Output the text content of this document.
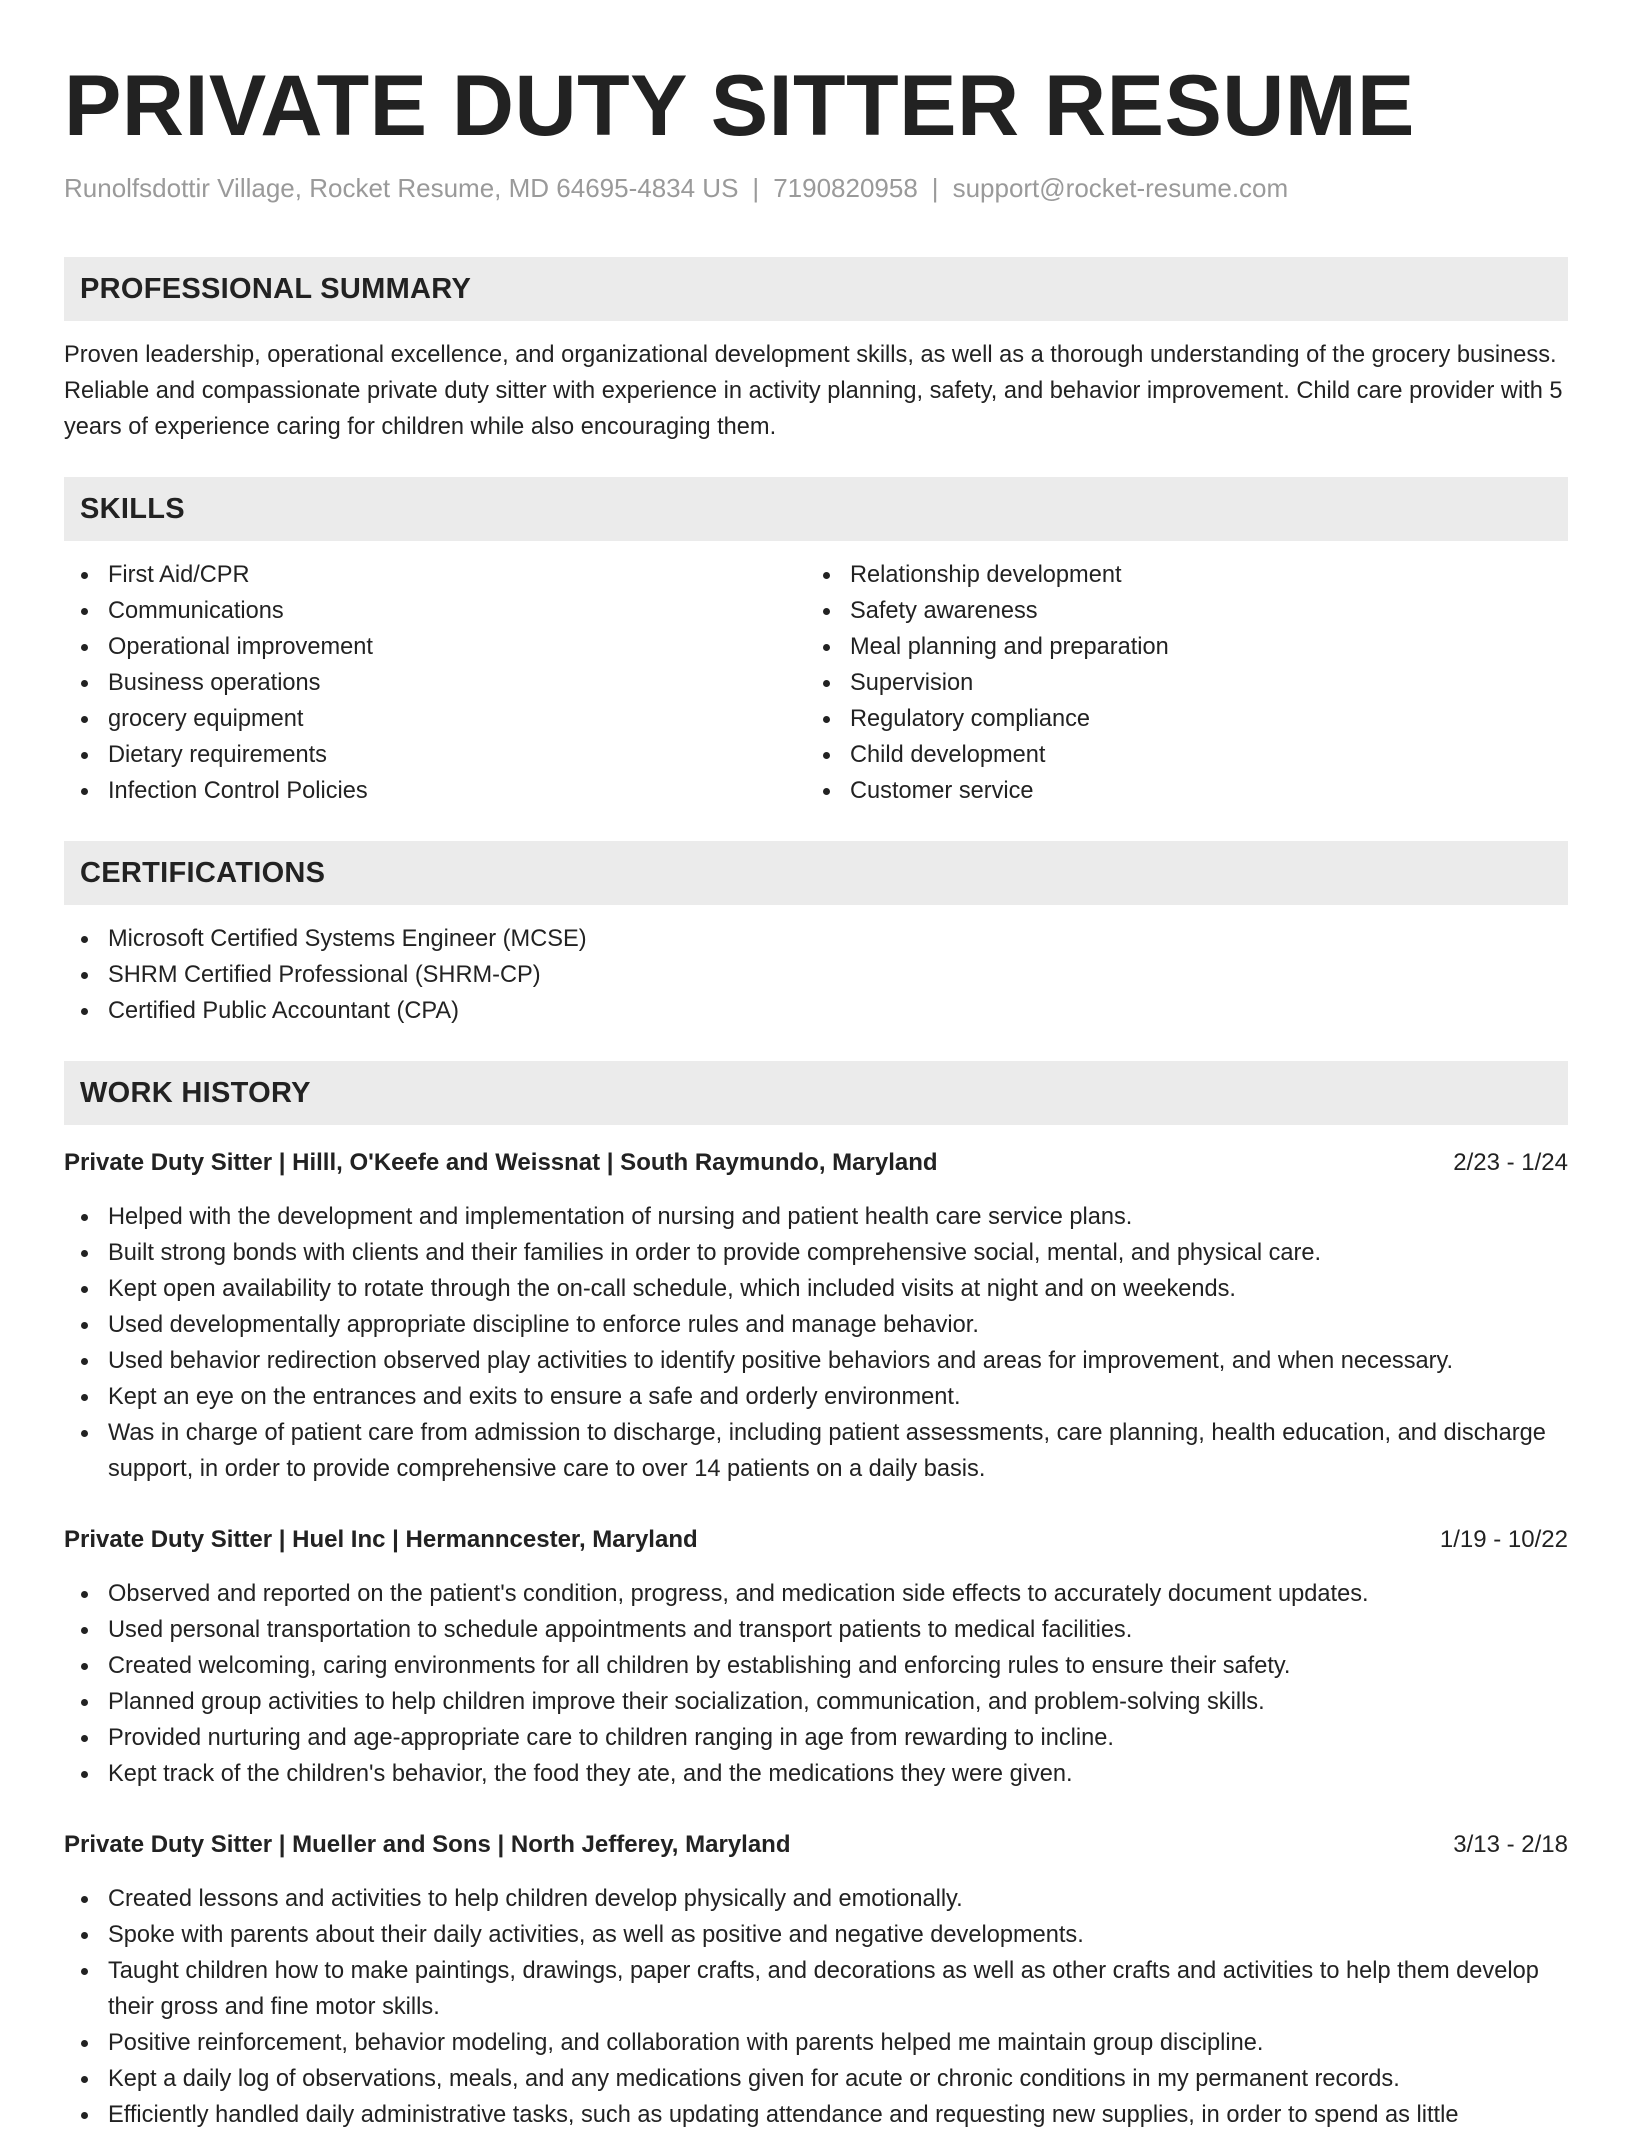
PRIVATE DUTY SITTER RESUME
Runolfsdottir Village, Rocket Resume, MD 64695-4834 US | 7190820958 | support@rocket-resume.com
PROFESSIONAL SUMMARY

Proven leadership, operational excellence, and organizational development skills, as well as a thorough understanding of the grocery business. Reliable and compassionate private duty sitter with experience in activity planning, safety, and behavior improvement. Child care provider with 5 years of experience caring for children while also encouraging them.

SKILLS
First Aid/CPR
Communications
Operational improvement
Business operations
grocery equipment
Dietary requirements
Infection Control Policies
Relationship development
Safety awareness
Meal planning and preparation
Supervision
Regulatory compliance
Child development
Customer service
CERTIFICATIONS
Microsoft Certified Systems Engineer (MCSE)
SHRM Certified Professional (SHRM-CP)
Certified Public Accountant (CPA)
WORK HISTORY
Private Duty Sitter | Hilll, O'Keefe and Weissnat | South Raymundo, Maryland	2/23 - 1/24
Helped with the development and implementation of nursing and patient health care service plans.
Built strong bonds with clients and their families in order to provide comprehensive social, mental, and physical care.
Kept open availability to rotate through the on-call schedule, which included visits at night and on weekends.
Used developmentally appropriate discipline to enforce rules and manage behavior.
Used behavior redirection observed play activities to identify positive behaviors and areas for improvement, and when necessary.
Kept an eye on the entrances and exits to ensure a safe and orderly environment.
Was in charge of patient care from admission to discharge, including patient assessments, care planning, health education, and discharge support, in order to provide comprehensive care to over 14 patients on a daily basis.
Private Duty Sitter | Huel Inc | Hermanncester, Maryland	1/19 - 10/22
Observed and reported on the patient's condition, progress, and medication side effects to accurately document updates.
Used personal transportation to schedule appointments and transport patients to medical facilities.
Created welcoming, caring environments for all children by establishing and enforcing rules to ensure their safety.
Planned group activities to help children improve their socialization, communication, and problem-solving skills.
Provided nurturing and age-appropriate care to children ranging in age from rewarding to incline.
Kept track of the children's behavior, the food they ate, and the medications they were given.
Private Duty Sitter | Mueller and Sons | North Jefferey, Maryland	3/13 - 2/18
Created lessons and activities to help children develop physically and emotionally.
Spoke with parents about their daily activities, as well as positive and negative developments.
Taught children how to make paintings, drawings, paper crafts, and decorations as well as other crafts and activities to help them develop their gross and fine motor skills.
Positive reinforcement, behavior modeling, and collaboration with parents helped me maintain group discipline.
Kept a daily log of observations, meals, and any medications given for acute or chronic conditions in my permanent records.
Efficiently handled daily administrative tasks, such as updating attendance and requesting new supplies, in order to spend as little
